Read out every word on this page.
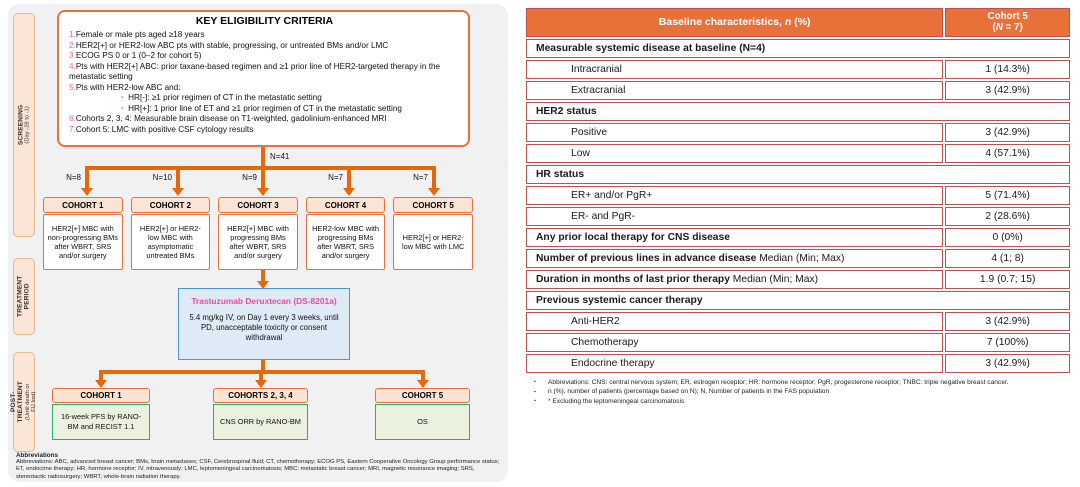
SCREENING (Day -28 to -1)
TREATMENT PERIOD
POST-TREATMENT (Until death or FU lost)
KEY ELIGIBILITY CRITERIA
1.Female or male pts aged ≥18 years
2.HER2[+] or HER2-low ABC pts with stable, progressing, or untreated BMs and/or LMC
3.ECOG PS 0 or 1 (0–2 for cohort 5)
4.Pts with HER2[+] ABC: prior taxane-based regimen and ≥1 prior line of HER2-targeted therapy in the metastatic setting
5.Pts with HER2-low ABC and:
▪ HR[-]: ≥1 prior regimen of CT in the metastatic setting
▪ HR[+]: 1 prior line of ET and ≥1 prior regimen of CT in the metastatic setting
6.Cohorts 2, 3, 4: Measurable brain disease on T1-weighted, gadolinium-enhanced MRI
7.Cohort 5: LMC with positive CSF cytology results
N=41
N=8	N=10	N=9	N=7	N=7
COHORT 1
HER2[+] MBC with non-progressing BMs after WBRT, SRS and/or surgery
COHORT 2
HER2[+] or HER2-low MBC with asymptomatic untreated BMs
COHORT 3
HER2[+] MBC with progressing BMs after WBRT, SRS and/or surgery
COHORT 4
HER2-low MBC with progressing BMs after WBRT, SRS and/or surgery
COHORT 5
HER2[+] or HER2-low MBC with LMC
Trastuzumab Deruxtecan (DS-8201a)
5.4 mg/kg IV, on Day 1 every 3 weeks, until PD, unacceptable toxicity or consent withdrawal
COHORT 1
16-week PFS by RANO-BM and RECIST 1.1
COHORTS 2, 3, 4
CNS ORR by RANO-BM
COHORT 5
OS
Abbreviations
Abbreviations: ABC, advanced breast cancer; BMs, brain metastases; CSF, Cerebrospinal fluid; CT, chemotherapy; ECOG PS, Eastern Cooperative Oncology Group performance status; ET, endocrine therapy; HR, hormone receptor; IV, intravenously; LMC, leptomeningeal carcinomatosis; MBC: metastatic breast cancer; MRI, magnetic resonance imaging; SRS, stereotactic radiosurgery; WBRT, whole-brain radiation therapy.
Baseline characteristics, n (%)	Cohort 5
(N = 7)

Measurable systemic disease at baseline (N=4)	
Intracranial	1 (14.3%)
Extracranial	3 (42.9%)
HER2 status	
Positive	3 (42.9%)
Low	4 (57.1%)
HR status	
ER+ and/or PgR+	5 (71.4%)
ER- and PgR-	2 (28.6%)
Any prior local therapy for CNS disease	0 (0%)
Number of previous lines in advance disease Median (Min; Max)	4 (1; 8)
Duration in months of last prior therapy Median (Min; Max)	1.9 (0.7; 15)
Previous systemic cancer therapy	
Anti-HER2	3 (42.9%)
Chemotherapy	7 (100%)
Endocrine therapy	3 (42.9%)
▪	Abbreviations: CNS: central nervous system; ER, estrogen receptor; HR: hormone receptor; PgR, progesterone receptor; TNBC: triple negative breast cancer.
▪	n (%), number of patients (percentage based on N); N, Number of patients in the FAS population
▪	* Excluding the leptomeningeal carcinomatosis
